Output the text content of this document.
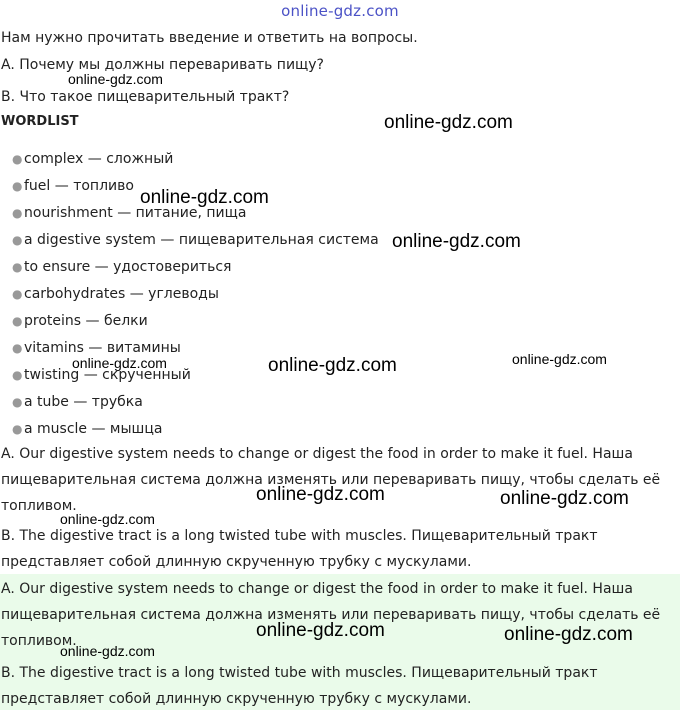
online-gdz.com
Нам нужно прочитать введение и ответить на вопросы.
A. Почему мы должны переваривать пищу?
B. Что такое пищеварительный тракт?
WORDLIST
● complex — сложный
● fuel — топливо
● nourishment — питание, пища
● a digestive system — пищеварительная система
● to ensure — удостовериться
● carbohydrates — углеводы
● proteins — белки
● vitamins — витамины
● twisting — скрученный
● a tube — трубка
● a muscle — мышца
A. Our digestive system needs to change or digest the food in order to make it fuel. Наша пищеварительная система должна изменять или переваривать пищу, чтобы сделать её топливом.
B. The digestive tract is a long twisted tube with muscles. Пищеварительный тракт представляет собой длинную скрученную трубку с мускулами.
A. Our digestive system needs to change or digest the food in order to make it fuel. Наша пищеварительная система должна изменять или переваривать пищу, чтобы сделать её топливом.
B. The digestive tract is a long twisted tube with muscles. Пищеварительный тракт представляет собой длинную скрученную трубку с мускулами.
online-gdz.com
online-gdz.com
online-gdz.com
online-gdz.com
online-gdz.com	online-gdz.com
online-gdz.com	online-gdz.com
online-gdz.com
online-gdz.com	online-gdz.com
online-gdz.com
online-gdz.com
